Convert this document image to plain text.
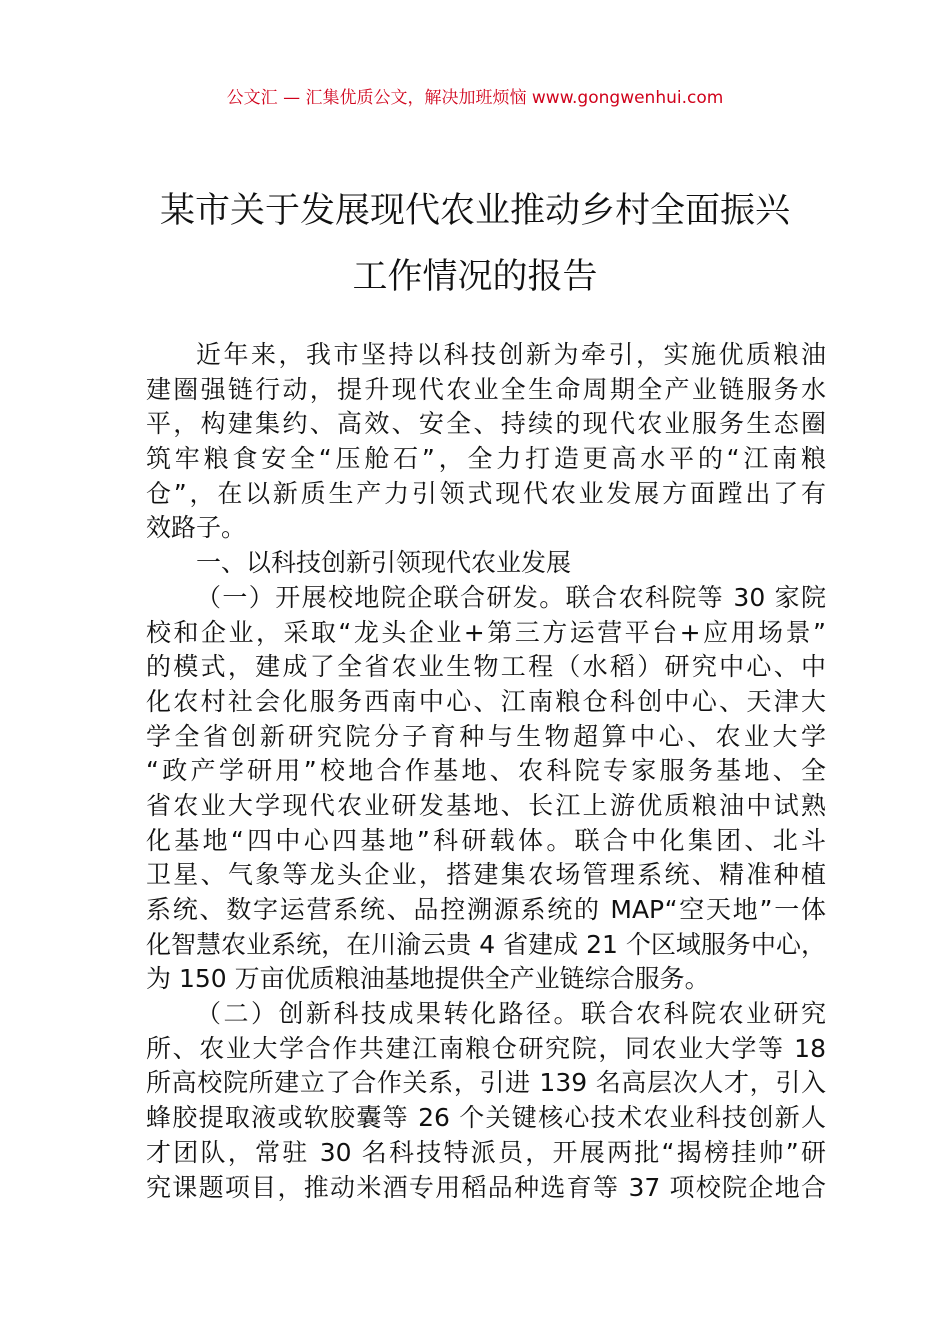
公文汇 — 汇集优质公文，解决加班烦恼 www.gongwenhui.com
某市关于发展现代农业推动乡村全面振兴
工作情况的报告
近年来，我市坚持以科技创新为牵引，实施优质粮油
建圈强链行动，提升现代农业全生命周期全产业链服务水
平，构建集约、高效、安全、持续的现代农业服务生态圈
筑牢粮食安全“压舱石”，全力打造更高水平的“江南粮
仓”，在以新质生产力引领式现代农业发展方面蹚出了有
效路子。
一、以科技创新引领现代农业发展
（一）开展校地院企联合研发。联合农科院等 30 家院
校和企业，采取“龙头企业+第三方运营平台+应用场景”
的模式，建成了全省农业生物工程（水稻）研究中心、中
化农村社会化服务西南中心、江南粮仓科创中心、天津大
学全省创新研究院分子育种与生物超算中心、农业大学
“政产学研用”校地合作基地、农科院专家服务基地、全
省农业大学现代农业研发基地、长江上游优质粮油中试熟
化基地“四中心四基地”科研载体。联合中化集团、北斗
卫星、气象等龙头企业，搭建集农场管理系统、精准种植
系统、数字运营系统、品控溯源系统的 MAP“空天地”一体
化智慧农业系统，在川渝云贵 4 省建成 21 个区域服务中心，
为 150 万亩优质粮油基地提供全产业链综合服务。
（二）创新科技成果转化路径。联合农科院农业研究
所、农业大学合作共建江南粮仓研究院，同农业大学等 18
所高校院所建立了合作关系，引进 139 名高层次人才，引入
蜂胶提取液或软胶囊等 26 个关键核心技术农业科技创新人
才团队，常驻 30 名科技特派员，开展两批“揭榜挂帅”研
究课题项目，推动米酒专用稻品种选育等 37 项校院企地合
